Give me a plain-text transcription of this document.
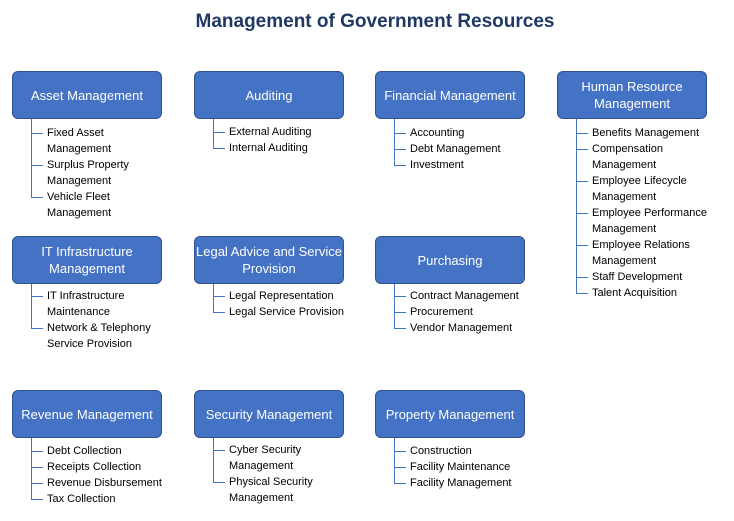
Management of Government Resources
Asset Management
Fixed Asset Management
Surplus Property Management
Vehicle Fleet Management
Auditing
External Auditing
Internal Auditing
Financial Management
Accounting
Debt Management
Investment
Human Resource Management
Benefits Management
Compensation Management
Employee Lifecycle Management
Employee Performance Management
Employee Relations Management
Staff Development
Talent Acquisition
IT Infrastructure Management
IT Infrastructure Maintenance
Network & Telephony Service Provision
Legal Advice and Service Provision
Legal Representation
Legal Service Provision
Purchasing
Contract Management
Procurement
Vendor Management
Revenue Management
Debt Collection
Receipts Collection
Revenue Disbursement
Tax Collection
Security Management
Cyber Security Management
Physical Security Management
Property Management
Construction
Facility Maintenance
Facility Management
